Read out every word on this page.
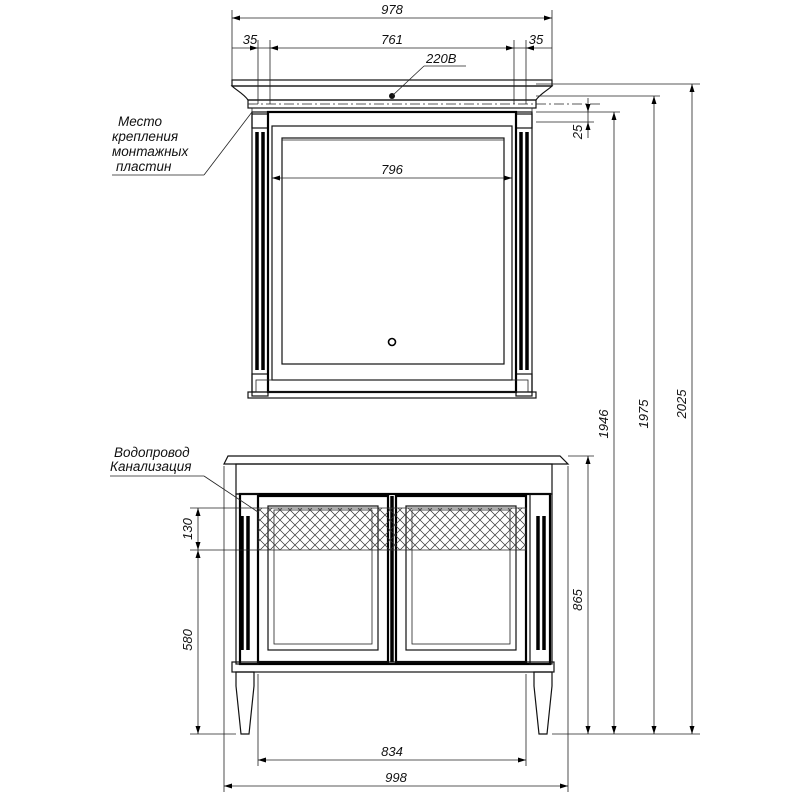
978
35	761	35
220В
796
Место
крепления
монтажных
пластин
Водопровод
Канализация
130
580
25
865
1946 1975 2025
834
998
